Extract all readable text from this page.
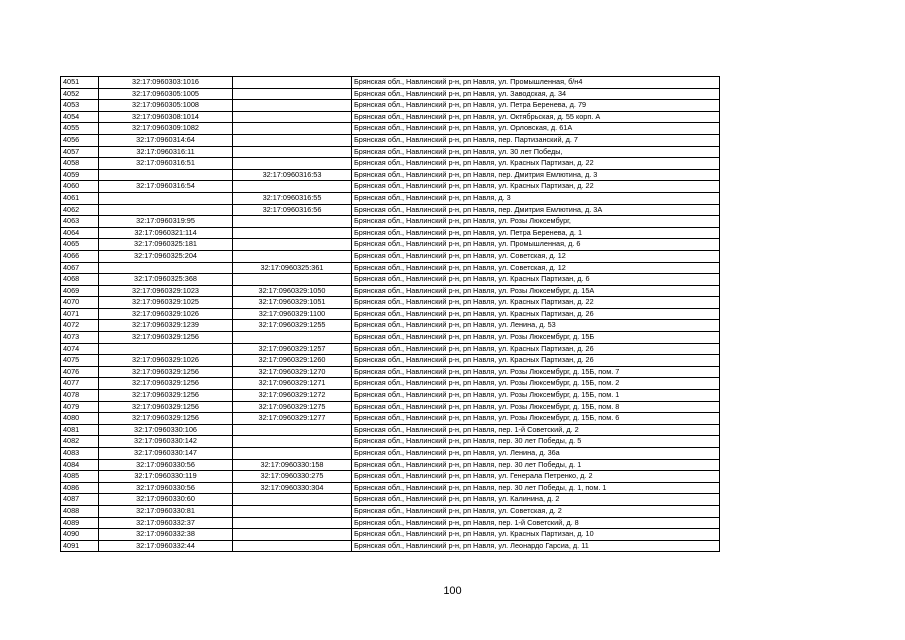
4051	32:17:0960303:1016		Брянская обл., Навлинский р-н, рп Навля, ул. Промышленная, б/н4
4052	32:17:0960305:1005		Брянская обл., Навлинский р-н, рп Навля, ул. Заводская, д. 34
4053	32:17:0960305:1008		Брянская обл., Навлинский р-н, рп Навля, ул. Петра Беренева, д. 79
4054	32:17:0960308:1014		Брянская обл., Навлинский р-н, рп Навля, ул. Октябрьская, д. 55 корп. А
4055	32:17:0960309:1082		Брянская обл., Навлинский р-н, рп Навля, ул. Орловская, д. 61А
4056	32:17:0960314:64		Брянская обл., Навлинский р-н, рп Навля, пер. Партизанский, д. 7
4057	32:17:0960316:11		Брянская обл., Навлинский р-н, рп Навля, ул. 30 лет Победы,
4058	32:17:0960316:51		Брянская обл., Навлинский р-н, рп Навля, ул. Красных Партизан, д. 22
4059		32:17:0960316:53	Брянская обл., Навлинский р-н, рп Навля, пер. Дмитрия Емлютина, д. 3
4060	32:17:0960316:54		Брянская обл., Навлинский р-н, рп Навля, ул. Красных Партизан, д. 22
4061		32:17:0960316:55	Брянская обл., Навлинский р-н, рп Навля, д. 3
4062		32:17:0960316:56	Брянская обл., Навлинский р-н, рп Навля, пер. Дмитрия Емлютина, д. 3А
4063	32:17:0960319:95		Брянская обл., Навлинский р-н, рп Навля, ул. Розы Люксембург,
4064	32:17:0960321:114		Брянская обл., Навлинский р-н, рп Навля, ул. Петра Беренева, д. 1
4065	32:17:0960325:181		Брянская обл., Навлинский р-н, рп Навля, ул. Промышленная, д. 6
4066	32:17:0960325:204		Брянская обл., Навлинский р-н, рп Навля, ул. Советская, д. 12
4067		32:17:0960325:361	Брянская обл., Навлинский р-н, рп Навля, ул. Советская, д. 12
4068	32:17:0960325:368		Брянская обл., Навлинский р-н, рп Навля, ул. Красных Партизан, д. 6
4069	32:17:0960329:1023	32:17:0960329:1050	Брянская обл., Навлинский р-н, рп Навля, ул. Розы Люксембург, д. 15А
4070	32:17:0960329:1025	32:17:0960329:1051	Брянская обл., Навлинский р-н, рп Навля, ул. Красных Партизан, д. 22
4071	32:17:0960329:1026	32:17:0960329:1100	Брянская обл., Навлинский р-н, рп Навля, ул. Красных Партизан, д. 26
4072	32:17:0960329:1239	32:17:0960329:1255	Брянская обл., Навлинский р-н, рп Навля, ул. Ленина, д. 53
4073	32:17:0960329:1256		Брянская обл., Навлинский р-н, рп Навля, ул. Розы Люксембург, д. 15Б
4074		32:17:0960329:1257	Брянская обл., Навлинский р-н, рп Навля, ул. Красных Партизан, д. 26
4075	32:17:0960329:1026	32:17:0960329:1260	Брянская обл., Навлинский р-н, рп Навля, ул. Красных Партизан, д. 26
4076	32:17:0960329:1256	32:17:0960329:1270	Брянская обл., Навлинский р-н, рп Навля, ул. Розы Люксембург, д. 15Б, пом. 7
4077	32:17:0960329:1256	32:17:0960329:1271	Брянская обл., Навлинский р-н, рп Навля, ул. Розы Люксембург, д. 15Б, пом. 2
4078	32:17:0960329:1256	32:17:0960329:1272	Брянская обл., Навлинский р-н, рп Навля, ул. Розы Люксембург, д. 15Б, пом. 1
4079	32:17:0960329:1256	32:17:0960329:1275	Брянская обл., Навлинский р-н, рп Навля, ул. Розы Люксембург, д. 15Б, пом. 8
4080	32:17:0960329:1256	32:17:0960329:1277	Брянская обл., Навлинский р-н, рп Навля, ул. Розы Люксембург, д. 15Б, пом. 6
4081	32:17:0960330:106		Брянская обл., Навлинский р-н, рп Навля, пер. 1-й Советский, д. 2
4082	32:17:0960330:142		Брянская обл., Навлинский р-н, рп Навля, пер. 30 лет Победы, д. 5
4083	32:17:0960330:147		Брянская обл., Навлинский р-н, рп Навля, ул. Ленина, д. 36а
4084	32:17:0960330:56	32:17:0960330:158	Брянская обл., Навлинский р-н, рп Навля, пер. 30 лет Победы, д. 1
4085	32:17:0960330:119	32:17:0960330:275	Брянская обл., Навлинский р-н, рп Навля, ул. Генерала Петренко, д. 2
4086	32:17:0960330:56	32:17:0960330:304	Брянская обл., Навлинский р-н, рп Навля, пер. 30 лет Победы, д. 1, пом. 1
4087	32:17:0960330:60		Брянская обл., Навлинский р-н, рп Навля, ул. Калинина, д. 2
4088	32:17:0960330:81		Брянская обл., Навлинский р-н, рп Навля, ул. Советская, д. 2
4089	32:17:0960332:37		Брянская обл., Навлинский р-н, рп Навля, пер. 1-й Советский, д. 8
4090	32:17:0960332:38		Брянская обл., Навлинский р-н, рп Навля, ул. Красных Партизан, д. 10
4091	32:17:0960332:44		Брянская обл., Навлинский р-н, рп Навля, ул. Леонардо Гарсиа, д. 11
100
